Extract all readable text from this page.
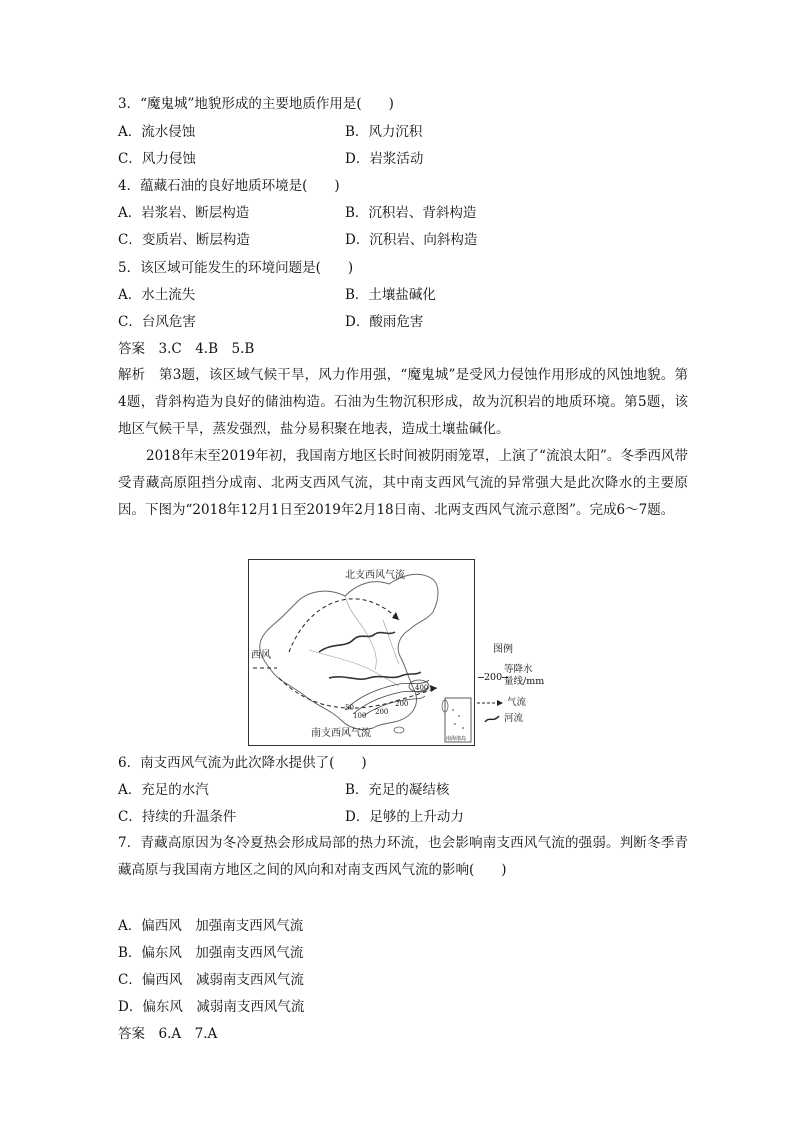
3．“魔鬼城”地貌形成的主要地质作用是(　　)
A．流水侵蚀	B．风力沉积
C．风力侵蚀	D．岩浆活动
4．蕴藏石油的良好地质环境是(　　)
A．岩浆岩、断层构造	B．沉积岩、背斜构造
C．变质岩、断层构造	D．沉积岩、向斜构造
5．该区域可能发生的环境问题是(　　)
A．水土流失	B．土壤盐碱化
C．台风危害	D．酸雨危害
答案　3.C　4.B　5.B
解析　第3题，该区域气候干旱，风力作用强，“魔鬼城”是受风力侵蚀作用形成的风蚀地貌。第4题，背斜构造为良好的储油构造。石油为生物沉积形成，故为沉积岩的地质环境。第5题，该地区气候干旱，蒸发强烈，盐分易积聚在地表，造成土壤盐碱化。
2018年末至2019年初，我国南方地区长时间被阴雨笼罩，上演了“流浪太阳”。冬季西风带受青藏高原阻挡分成南、北两支西风气流，其中南支西风气流的异常强大是此次降水的主要原因。下图为“2018年12月1日至2019年2月18日南、北两支西风气流示意图”。完成6～7题。
北支西风气流
西风
南支西风气流
50
100 200
200
400
南海诸岛
图例
200
等降水
量线/mm
气流
河流
6．南支西风气流为此次降水提供了(　　)
A．充足的水汽	B．充足的凝结核
C．持续的升温条件	D．足够的上升动力
7．青藏高原因为冬冷夏热会形成局部的热力环流，也会影响南支西风气流的强弱。判断冬季青藏高原与我国南方地区之间的风向和对南支西风气流的影响(　　)
A．偏西风　加强南支西风气流
B．偏东风　加强南支西风气流
C．偏西风　减弱南支西风气流
D．偏东风　减弱南支西风气流
答案　6.A　7.A
